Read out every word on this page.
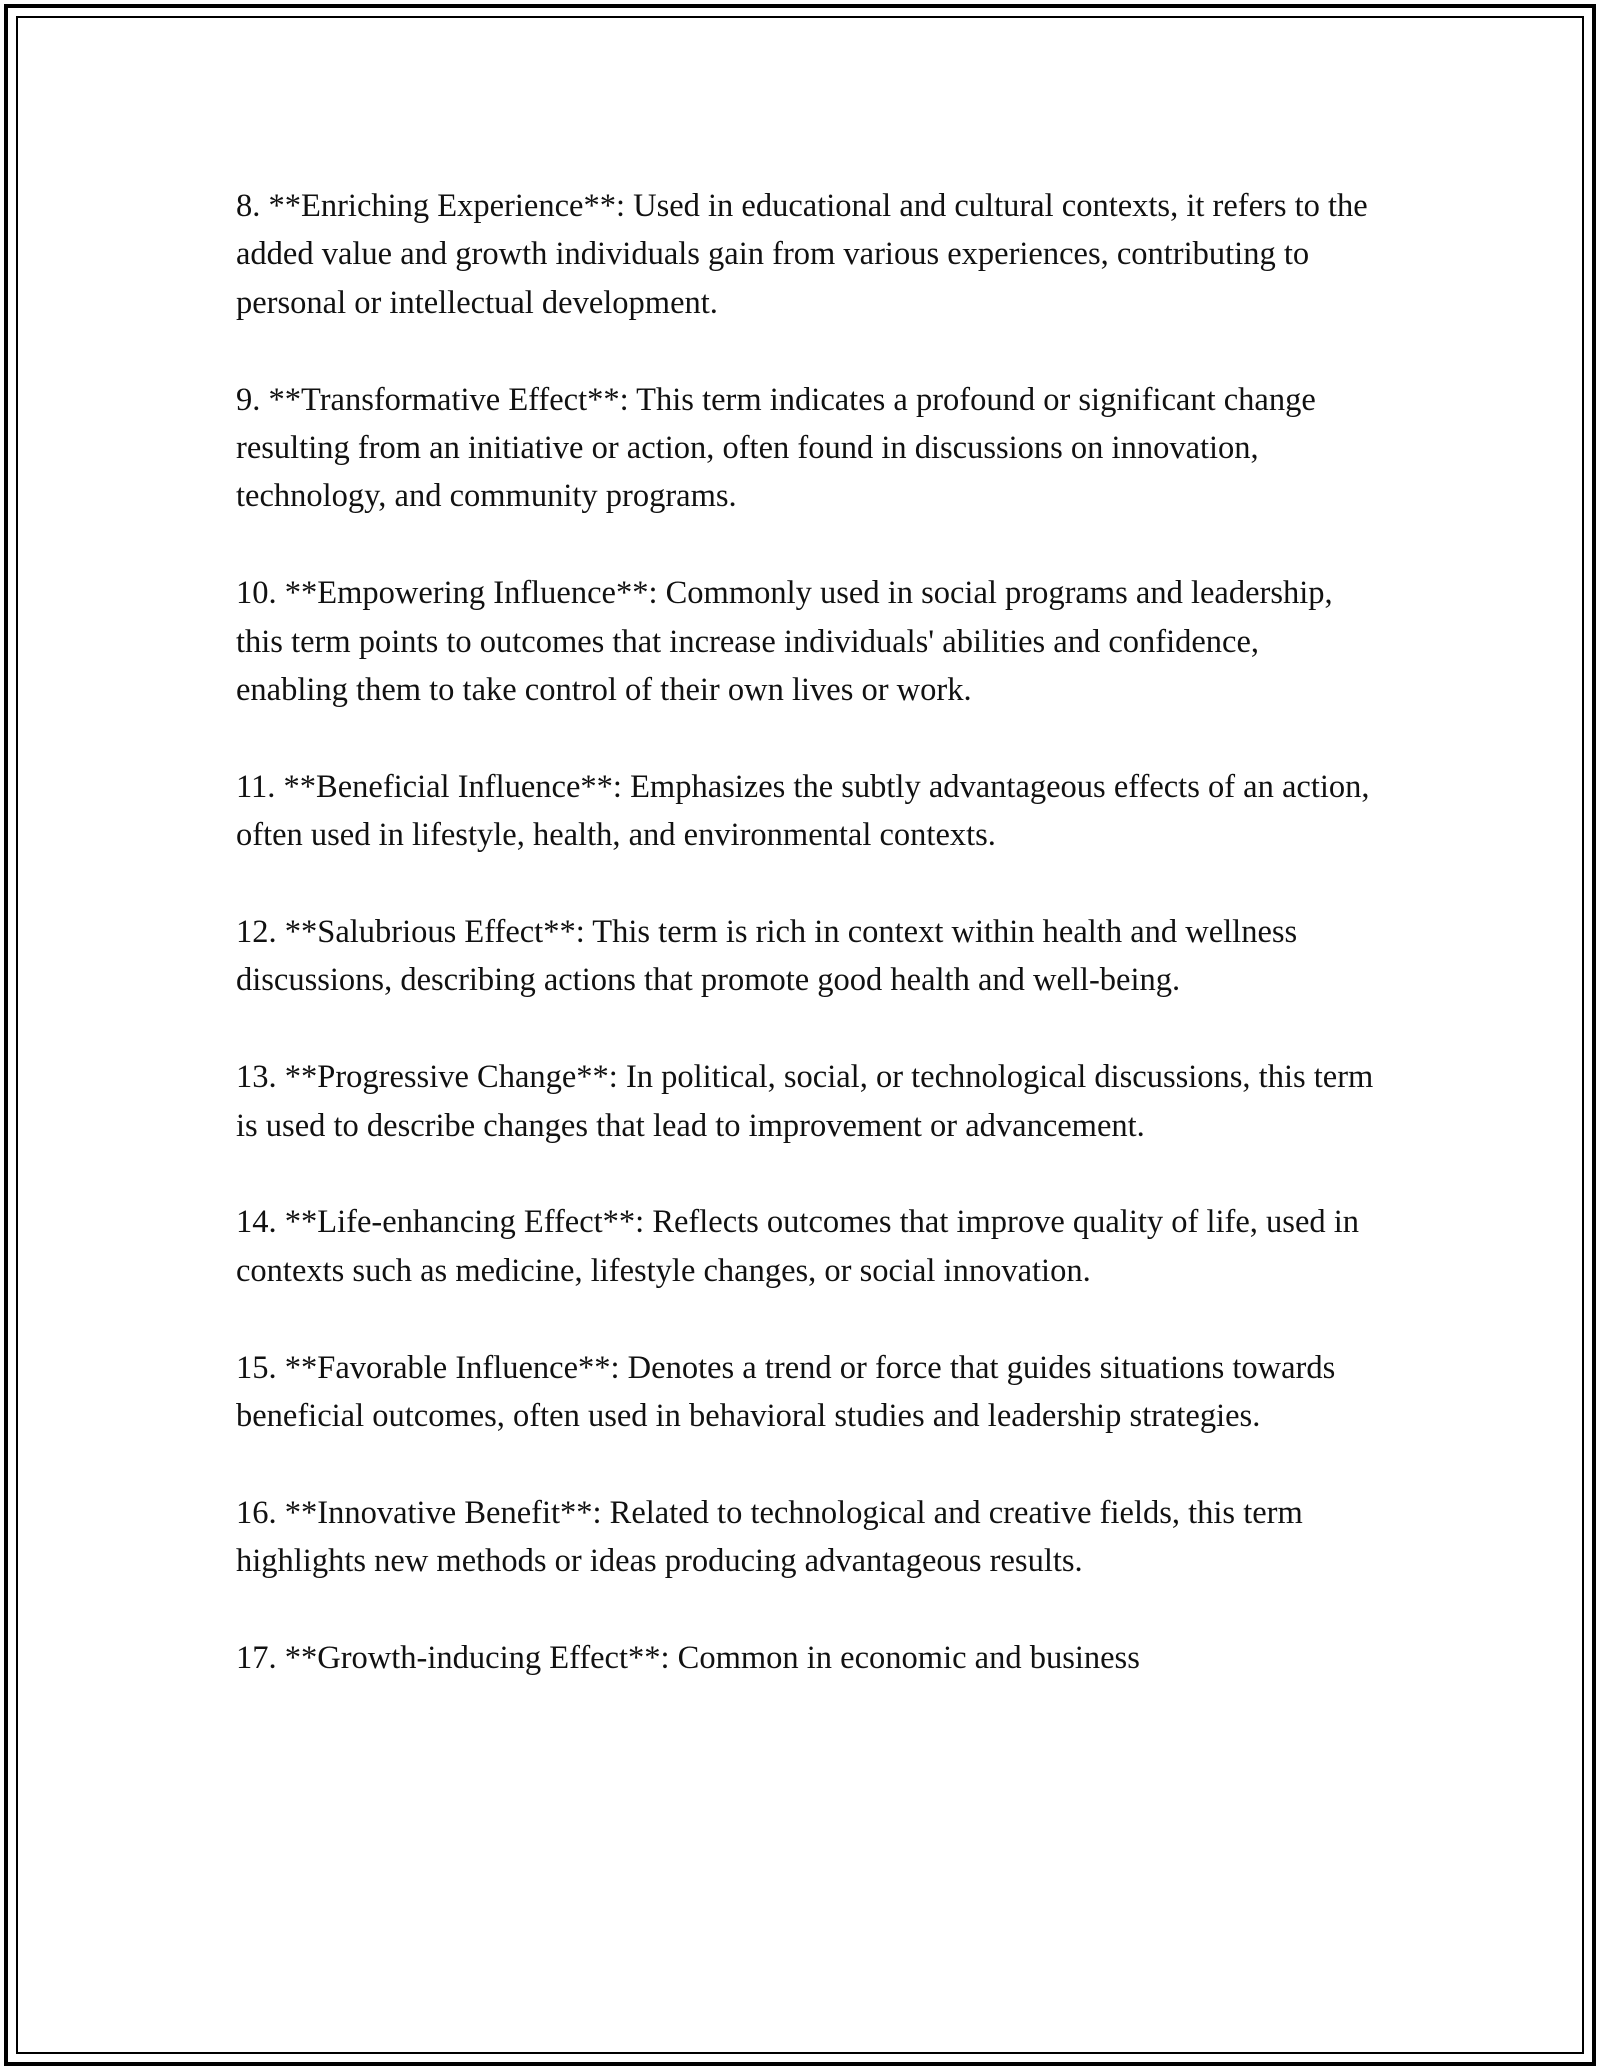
8. **Enriching Experience**: Used in educational and cultural contexts, it refers to the added value and growth individuals gain from various experiences, contributing to personal or intellectual development.

9. **Transformative Effect**: This term indicates a profound or significant change resulting from an initiative or action, often found in discussions on innovation, technology, and community programs.

10. **Empowering Influence**: Commonly used in social programs and leadership, this term points to outcomes that increase individuals' abilities and confidence, enabling them to take control of their own lives or work.

11. **Beneficial Influence**: Emphasizes the subtly advantageous effects of an action, often used in lifestyle, health, and environmental contexts.

12. **Salubrious Effect**: This term is rich in context within health and wellness discussions, describing actions that promote good health and well-being.

13. **Progressive Change**: In political, social, or technological discussions, this term is used to describe changes that lead to improvement or advancement.

14. **Life-enhancing Effect**: Reflects outcomes that improve quality of life, used in contexts such as medicine, lifestyle changes, or social innovation.

15. **Favorable Influence**: Denotes a trend or force that guides situations towards beneficial outcomes, often used in behavioral studies and leadership strategies.

16. **Innovative Benefit**: Related to technological and creative fields, this term highlights new methods or ideas producing advantageous results.

17. **Growth-inducing Effect**: Common in economic and business
